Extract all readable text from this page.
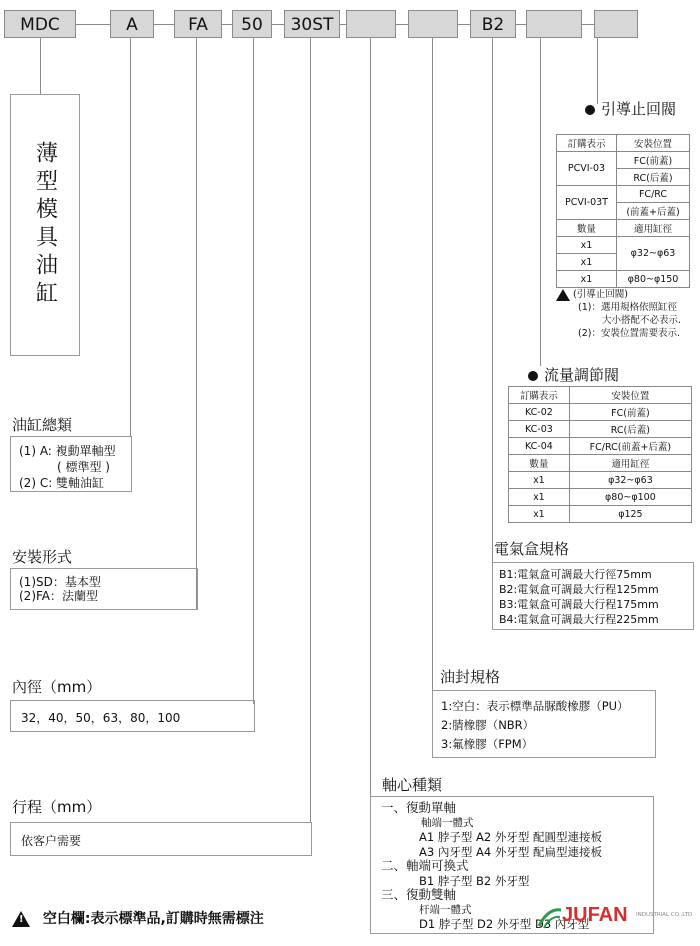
MDC	A	FA	50	30ST	B2
薄型模具油缸
油缸總類
(1) A: 複動單軸型
( 標準型 )
(2) C: 雙軸油缸
安裝形式
(1)SD：基本型
(2)FA：法蘭型
內徑（mm）
32，40，50，63，80，100
行程（mm）
依客户需要
! 空白欄:表示標準品,訂購時無需標注
引導止回閥
訂購表示	安裝位置
PCVI-03	FC(前蓋)
	RC(后蓋)
PCVI-03T	FC/RC
	(前蓋+后蓋)
數量	適用缸徑
x1	φ32~φ63
x1	
x1	φ80~φ150
(引導止回閥)
(1)：選用規格依照缸徑
大小搭配不必表示.
(2)：安裝位置需要表示.
流量調節閥
訂購表示	安裝位置
KC-02	FC(前蓋)
KC-03	RC(后蓋)
KC-04	FC/RC(前蓋+后蓋)
數量	適用缸徑
x1	φ32~φ63
x1	φ80~φ100
x1	φ125
電氣盒規格
B1:電氣盒可調最大行徑75mm
B2:電氣盒可調最大行程125mm
B3:電氣盒可調最大行程175mm
B4:電氣盒可調最大行程225mm
油封規格
1:空白：表示標準品脲酸橡膠（PU）
2:腈橡膠（NBR）
3:氟橡膠（FPM）
軸心種類
一、復動單軸
軸端一體式
A1 脖子型 A2 外牙型 配圓型連接板
A3 內牙型 A4 外牙型 配扁型連接板
二、軸端可換式
B1 脖子型 B2 外牙型
三、復動雙軸
杆端一體式
D1 脖子型 D2 外牙型 D3 內牙型
JUFAN INDUSTRIAL CO.,LTD
